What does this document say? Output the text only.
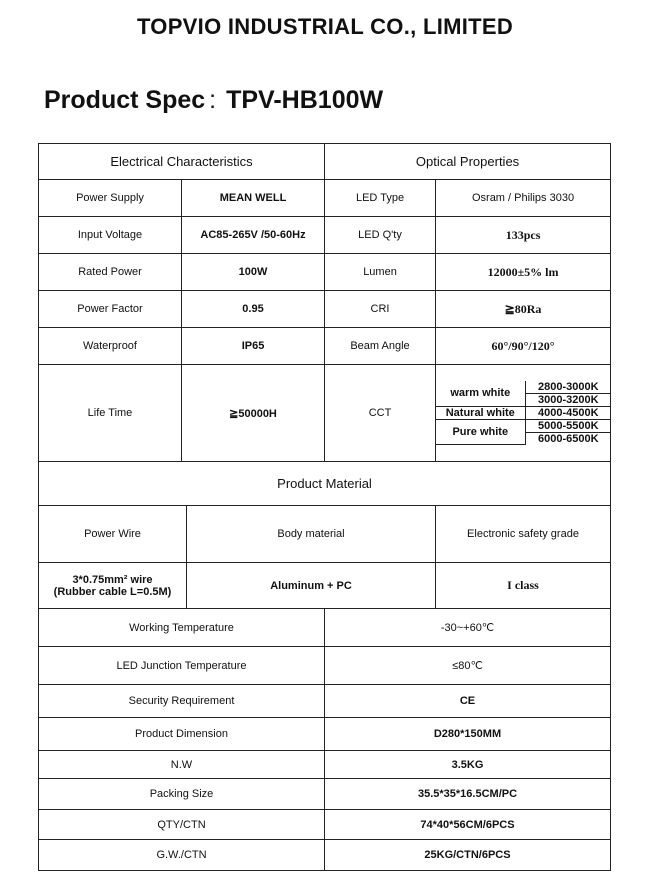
TOPVIO INDUSTRIAL CO., LIMITED
Product Spec : TPV-HB100W
Electrical Characteristics	Optical Properties
Power Supply	MEAN WELL	LED Type	Osram / Philips 3030
Input Voltage	AC85-265V /50-60Hz	LED Q'ty	133pcs
Rated Power	100W	Lumen	12000±5% lm
Power Factor	0.95	CRI	≧80Ra
Waterproof	IP65	Beam Angle	60°/90°/120°
Life Time	≧50000H	CCT	
warm white	2800-3000K
3000-3200K
Natural white	4000-4500K
Pure white	5000-5500K
6000-6500K
Product Material		
Power Wire	Body material	Electronic safety grade

3*0.75mm² wire
(Rubber cable L=0.5M)	Aluminum + PC	I class
Working Temperature	-30~+60℃
LED Junction Temperature	≤80℃
Security Requirement	CE
Product Dimension	D280*150MM
N.W	3.5KG
Packing Size	35.5*35*16.5CM/PC
QTY/CTN	74*40*56CM/6PCS
G.W./CTN	25KG/CTN/6PCS
